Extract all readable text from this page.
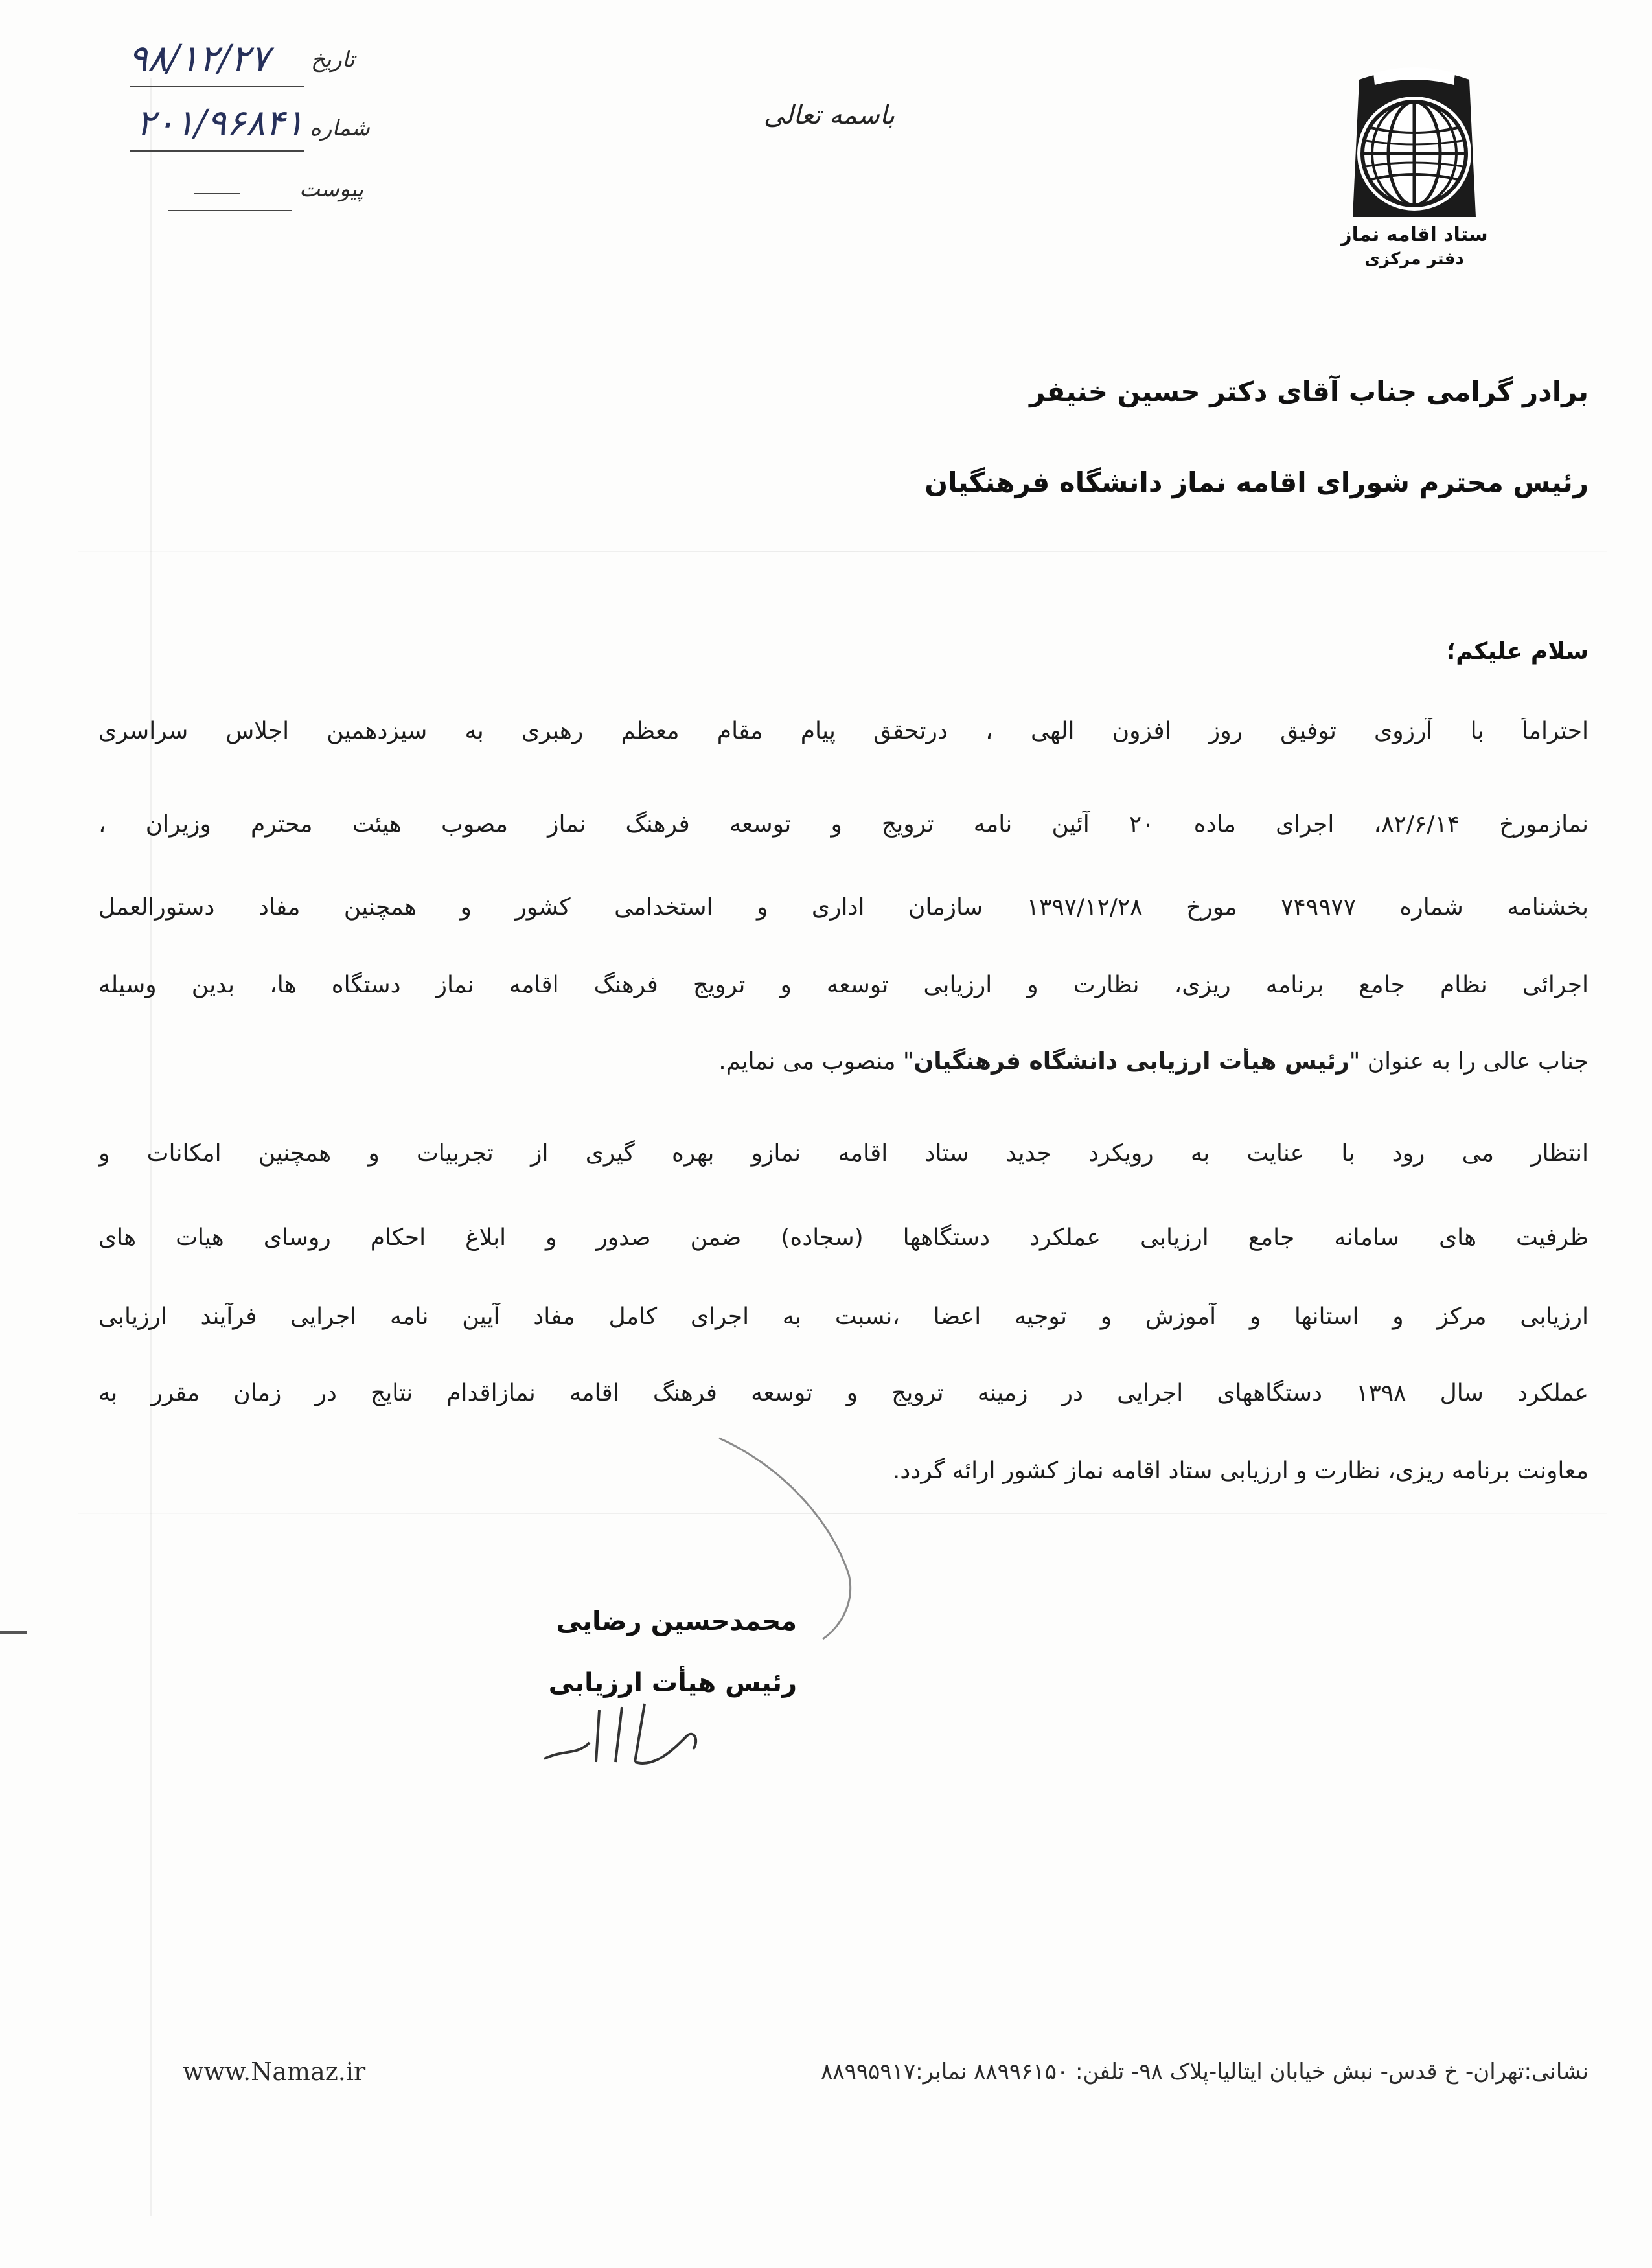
ستاد اقامه نماز
دفتر مرکزی
تاریخ
۹۸/۱۲/۲۷
شماره
۲۰۱/۹۶۸۴۱
پیوست
باسمه تعالی
برادر گرامی جناب آقای دکتر حسین خنیفر
رئیس محترم شورای اقامه نماز دانشگاه فرهنگیان
سلام علیکم؛
احتراماً با آرزوی توفیق روز افزون الهی ، درتحقق پیام مقام معظم رهبری به سیزدهمین اجلاس سراسری
نمازمورخ ۸۲/۶/۱۴، اجرای ماده ۲۰ آئین نامه ترویج و توسعه فرهنگ نماز مصوب هیئت محترم وزیران ،
بخشنامه شماره ۷۴۹۹۷۷ مورخ ۱۳۹۷/۱۲/۲۸ سازمان اداری و استخدامی کشور و همچنین مفاد دستورالعمل
اجرائی نظام جامع برنامه ریزی، نظارت و ارزیابی توسعه و ترویج فرهنگ اقامه نماز دستگاه ها، بدین وسیله
جناب عالی را به عنوان "رئیس هیأت ارزیابی دانشگاه فرهنگیان" منصوب می نمایم.
انتظار می رود با عنایت به رویکرد جدید ستاد اقامه نمازو بهره گیری از تجربیات و همچنین امکانات و
ظرفیت های سامانه جامع ارزیابی عملکرد دستگاهها (سجاده) ضمن صدور و ابلاغ احکام روسای هیات های
ارزیابی مرکز و استانها و آموزش و توجیه اعضا ،نسبت به اجرای کامل مفاد آیین نامه اجرایی فرآیند ارزیابی
عملکرد سال ۱۳۹۸ دستگاههای اجرایی در زمینه ترویج و توسعه فرهنگ اقامه نمازاقدام نتایج در زمان مقرر به
معاونت برنامه ریزی، نظارت و ارزیابی ستاد اقامه نماز کشور ارائه گردد.
محمدحسین رضایی
رئیس هیأت ارزیابی
نشانی:تهران- خ قدس- نبش خیابان ایتالیا-پلاک ۹۸- تلفن: ۸۸۹۹۶۱۵۰ نمابر:۸۸۹۹۵۹۱۷
www.Namaz.ir
